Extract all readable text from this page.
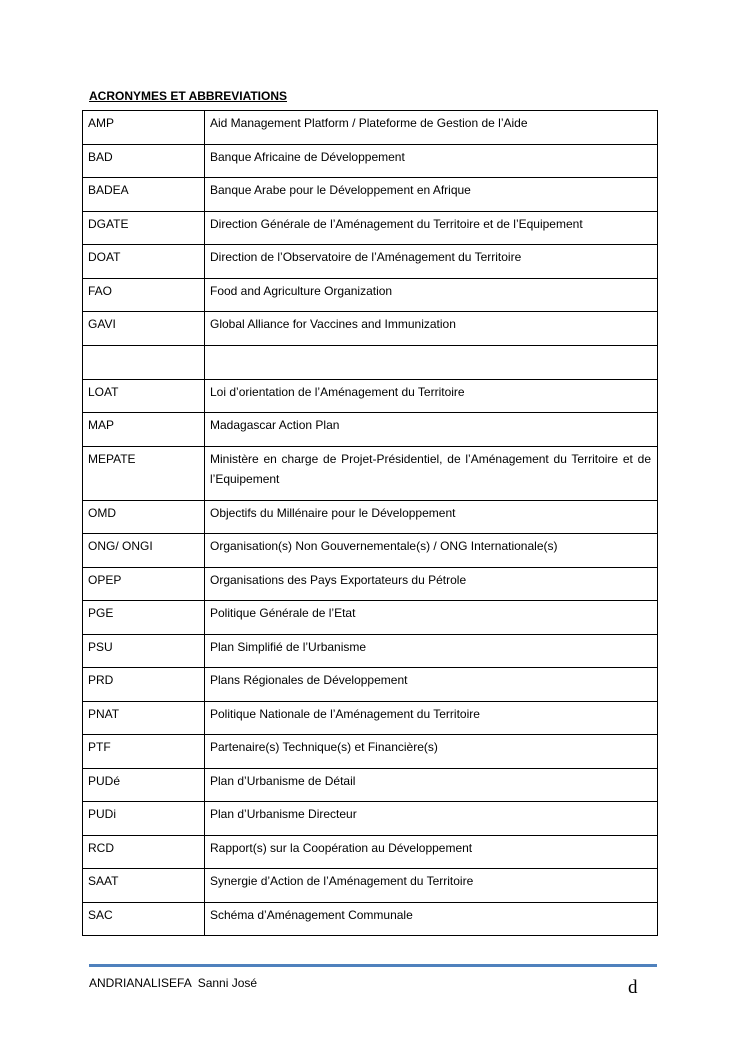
ACRONYMES ET ABBREVIATIONS
AMP	Aid Management Platform / Plateforme de Gestion de l’Aide
BAD	Banque Africaine de Développement
BADEA	Banque Arabe pour le Développement en Afrique
DGATE	Direction Générale de l’Aménagement du Territoire et de l’Equipement
DOAT	Direction de l’Observatoire de l’Aménagement du Territoire
FAO	Food and Agriculture Organization
GAVI	Global Alliance for Vaccines and Immunization

LOAT	Loi d’orientation de l’Aménagement du Territoire
MAP	Madagascar Action Plan
MEPATE	Ministère en charge de Projet-Présidentiel, de l’Aménagement du Territoire et de l’Equipement
OMD	Objectifs du Millénaire pour le Développement
ONG/ ONGI	Organisation(s) Non Gouvernementale(s) / ONG Internationale(s)
OPEP	Organisations des Pays Exportateurs du Pétrole
PGE	Politique Générale de l’Etat
PSU	Plan Simplifié de l’Urbanisme
PRD	Plans Régionales de Développement
PNAT	Politique Nationale de l’Aménagement du Territoire
PTF	Partenaire(s) Technique(s) et Financière(s)
PUDé	Plan d’Urbanisme de Détail
PUDi	Plan d’Urbanisme Directeur
RCD	Rapport(s) sur la Coopération au Développement
SAAT	Synergie d’Action de l’Aménagement du Territoire
SAC	Schéma d’Aménagement Communale
ANDRIANALISEFA  Sanni José	d
